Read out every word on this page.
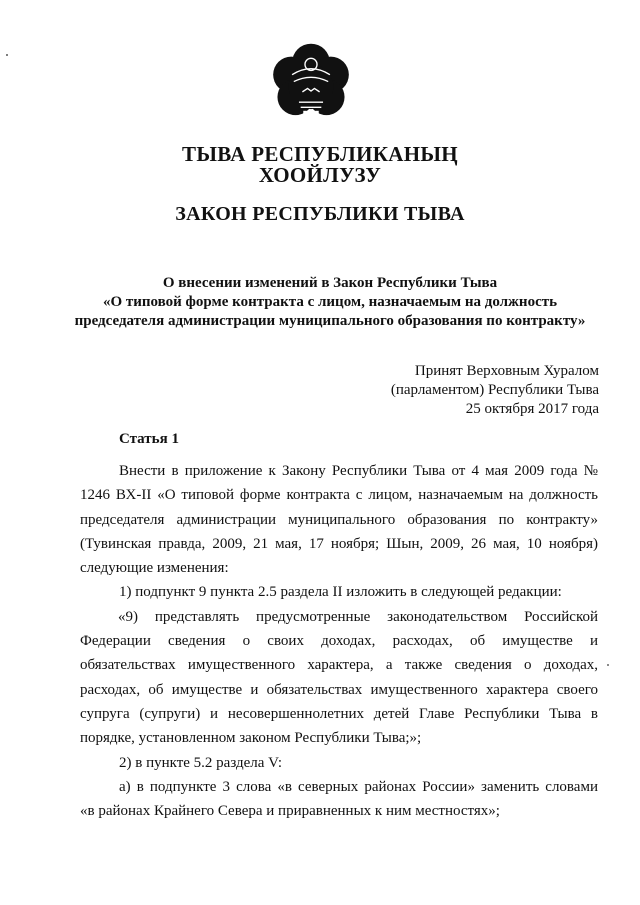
ТЫВА РЕСПУБЛИКАНЫҢ
ХООЙЛУЗУ
ЗАКОН РЕСПУБЛИКИ ТЫВА
О внесении изменений в Закон Республики Тыва
«О типовой форме контракта с лицом, назначаемым на должность
председателя администрации муниципального образования по контракту»
Принят Верховным Хуралом
(парламентом) Республики Тыва
25 октября 2017 года
Статья 1
Внести в приложение к Закону Республики Тыва от 4 мая 2009 года №
1246 ВХ-II «О типовой форме контракта с лицом, назначаемым на должность
председателя администрации муниципального образования по контракту»
(Тувинская правда, 2009, 21 мая, 17 ноября; Шын, 2009, 26 мая, 10 ноября)
следующие изменения:
1) подпункт 9 пункта 2.5 раздела II изложить в следующей редакции:
«9) представлять предусмотренные законодательством Российской
Федерации сведения о своих доходах, расходах, об имуществе и
обязательствах имущественного характера, а также сведения о доходах,
расходах, об имуществе и обязательствах имущественного характера своего
супруга (супруги) и несовершеннолетних детей Главе Республики Тыва в
порядке, установленном законом Республики Тыва;»;
2) в пункте 5.2 раздела V:
а) в подпункте 3 слова «в северных районах России» заменить словами
«в районах Крайнего Севера и приравненных к ним местностях»;
